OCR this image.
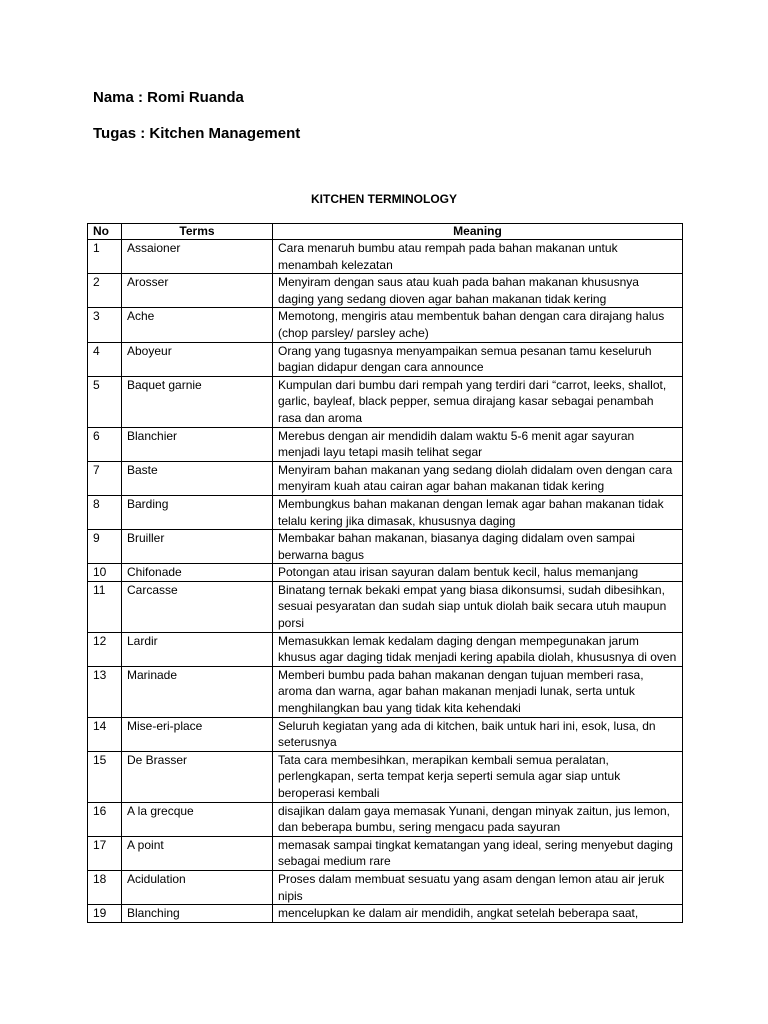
Nama : Romi Ruanda
Tugas : Kitchen Management
KITCHEN TERMINOLOGY
No	Terms	Meaning
1	Assaioner	Cara menaruh bumbu atau rempah pada bahan makanan untuk menambah kelezatan
2	Arosser	Menyiram dengan saus atau kuah pada bahan makanan khususnya daging yang sedang dioven agar bahan makanan tidak kering
3	Ache	Memotong, mengiris atau membentuk bahan dengan cara dirajang halus (chop parsley/ parsley ache)
4	Aboyeur	Orang yang tugasnya menyampaikan semua pesanan tamu keseluruh bagian didapur dengan cara announce
5	Baquet garnie	Kumpulan dari bumbu dari rempah yang terdiri dari “carrot, leeks, shallot, garlic, bayleaf, black pepper, semua dirajang kasar sebagai penambah rasa dan aroma
6	Blanchier	Merebus dengan air mendidih dalam waktu 5-6 menit agar sayuran menjadi layu tetapi masih telihat segar
7	Baste	Menyiram bahan makanan yang sedang diolah didalam oven dengan cara menyiram kuah atau cairan agar bahan makanan tidak kering
8	Barding	Membungkus bahan makanan dengan lemak agar bahan makanan tidak telalu kering jika dimasak, khususnya daging
9	Bruiller	Membakar bahan makanan, biasanya daging didalam oven sampai berwarna bagus
10	Chifonade	Potongan atau irisan sayuran dalam bentuk kecil, halus memanjang
11	Carcasse	Binatang ternak bekaki empat yang biasa dikonsumsi, sudah dibesihkan, sesuai pesyaratan dan sudah siap untuk diolah baik secara utuh maupun porsi
12	Lardir	Memasukkan lemak kedalam daging dengan mempegunakan jarum khusus agar daging tidak menjadi kering apabila diolah, khususnya di oven
13	Marinade	Memberi bumbu pada bahan makanan dengan tujuan memberi rasa, aroma dan warna, agar bahan makanan menjadi lunak, serta untuk menghilangkan bau yang tidak kita kehendaki
14	Mise-eri-place	Seluruh kegiatan yang ada di kitchen, baik untuk hari ini, esok, lusa, dn seterusnya
15	De Brasser	Tata cara membesihkan, merapikan kembali semua peralatan, perlengkapan, serta tempat kerja seperti semula agar siap untuk beroperasi kembali
16	A la grecque	disajikan dalam gaya memasak Yunani, dengan minyak zaitun, jus lemon, dan beberapa bumbu, sering mengacu pada sayuran
17	A point	memasak sampai tingkat kematangan yang ideal, sering menyebut daging sebagai medium rare
18	Acidulation	Proses dalam membuat sesuatu yang asam dengan lemon atau air jeruk nipis
19	Blanching	mencelupkan ke dalam air mendidih, angkat setelah beberapa saat,
